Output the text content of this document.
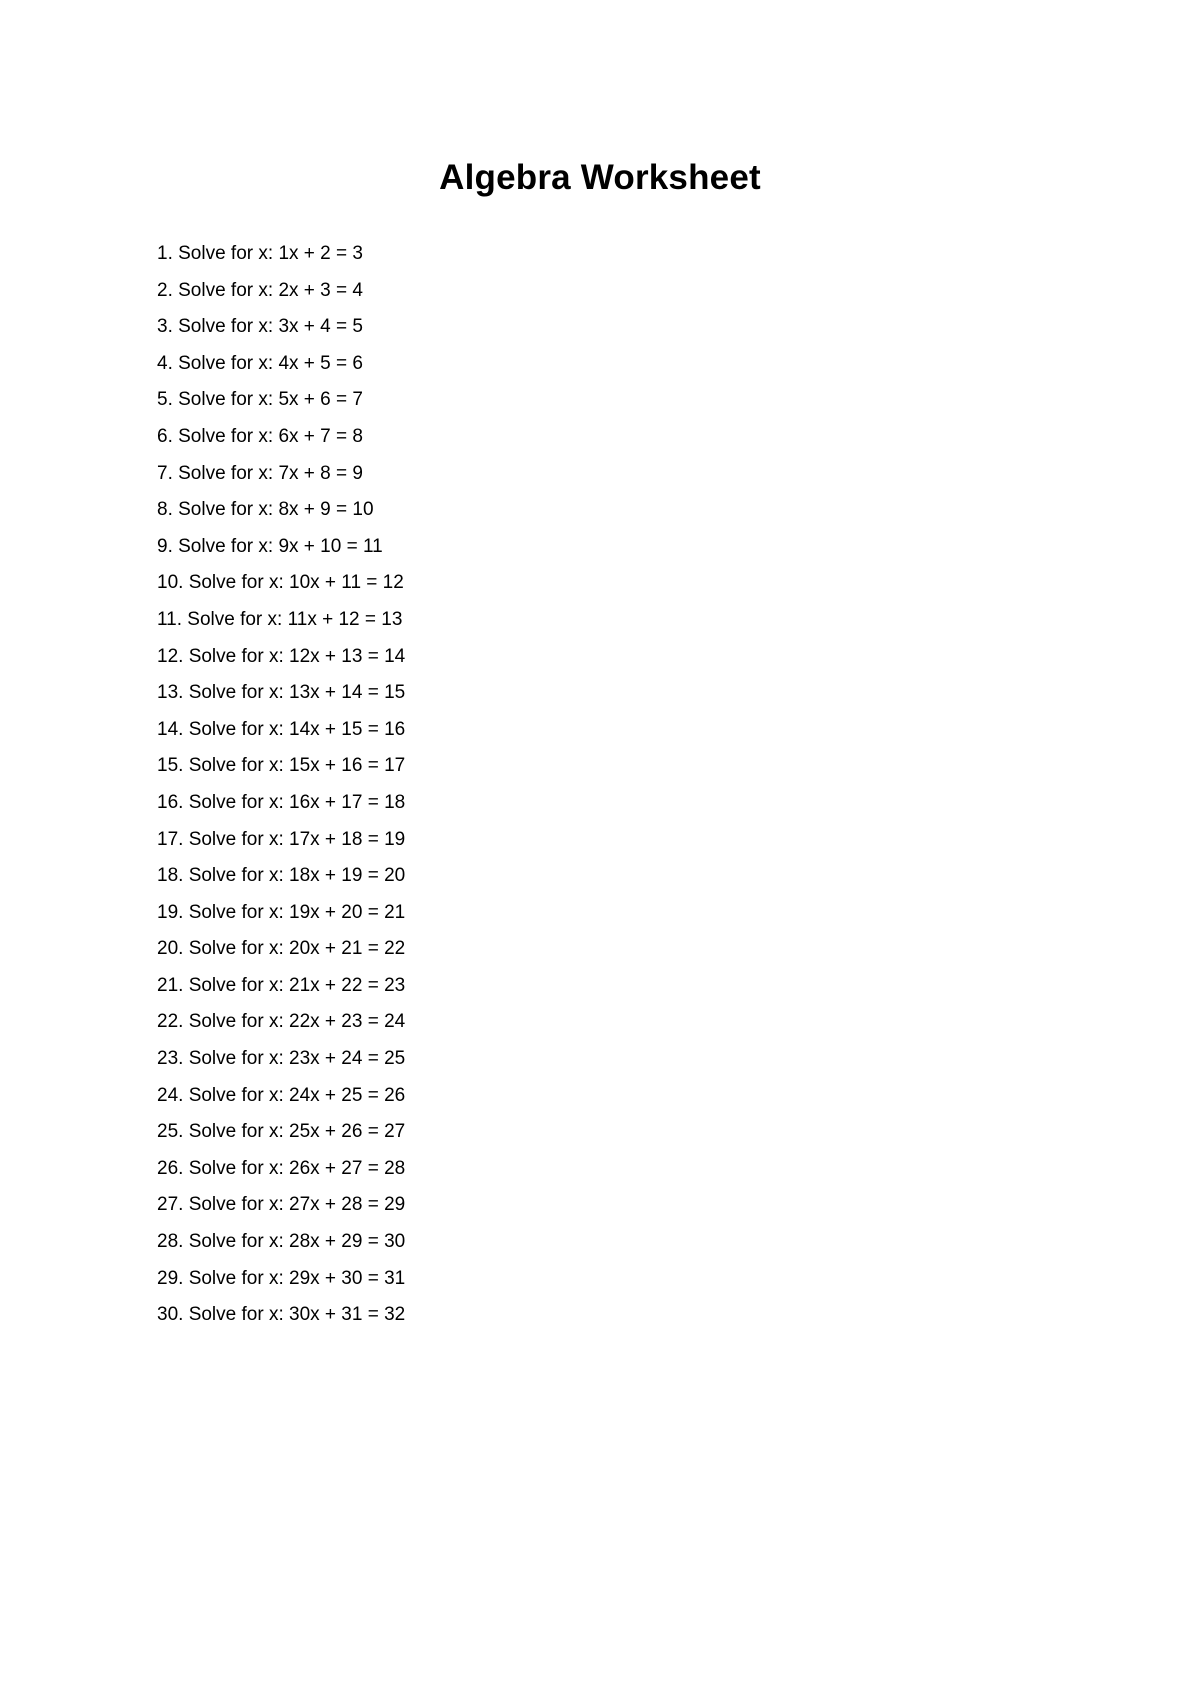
Algebra Worksheet
1. Solve for x: 1x + 2 = 3
2. Solve for x: 2x + 3 = 4
3. Solve for x: 3x + 4 = 5
4. Solve for x: 4x + 5 = 6
5. Solve for x: 5x + 6 = 7
6. Solve for x: 6x + 7 = 8
7. Solve for x: 7x + 8 = 9
8. Solve for x: 8x + 9 = 10
9. Solve for x: 9x + 10 = 11
10. Solve for x: 10x + 11 = 12
11. Solve for x: 11x + 12 = 13
12. Solve for x: 12x + 13 = 14
13. Solve for x: 13x + 14 = 15
14. Solve for x: 14x + 15 = 16
15. Solve for x: 15x + 16 = 17
16. Solve for x: 16x + 17 = 18
17. Solve for x: 17x + 18 = 19
18. Solve for x: 18x + 19 = 20
19. Solve for x: 19x + 20 = 21
20. Solve for x: 20x + 21 = 22
21. Solve for x: 21x + 22 = 23
22. Solve for x: 22x + 23 = 24
23. Solve for x: 23x + 24 = 25
24. Solve for x: 24x + 25 = 26
25. Solve for x: 25x + 26 = 27
26. Solve for x: 26x + 27 = 28
27. Solve for x: 27x + 28 = 29
28. Solve for x: 28x + 29 = 30
29. Solve for x: 29x + 30 = 31
30. Solve for x: 30x + 31 = 32
